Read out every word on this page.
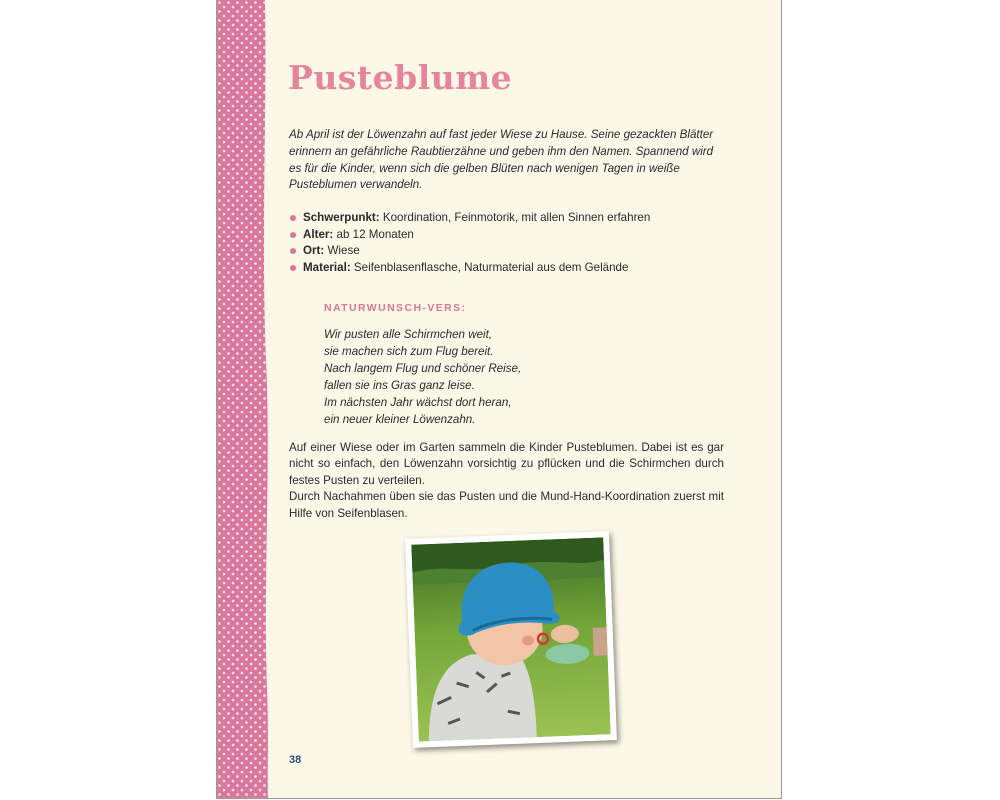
Pusteblume

Ab April ist der Löwenzahn auf fast jeder Wiese zu Hause. Seine gezackten Blätter erinnern an gefährliche Raubtierzähne und geben ihm den Namen. Spannend wird es für die Kinder, wenn sich die gelben Blüten nach wenigen Tagen in weiße Pusteblumen verwandeln.

Schwerpunkt: Koordination, Feinmotorik, mit allen Sinnen erfahren
Alter: ab 12 Monaten
Ort: Wiese
Material: Seifenblasenflasche, Naturmaterial aus dem Gelände
NATURWUNSCH-VERS:
Wir pusten alle Schirmchen weit,
sie machen sich zum Flug bereit.
Nach langem Flug und schöner Reise,
fallen sie ins Gras ganz leise.
Im nächsten Jahr wächst dort heran,
ein neuer kleiner Löwenzahn.

Auf einer Wiese oder im Garten sammeln die Kinder Pusteblumen. Dabei ist es gar nicht so einfach, den Löwenzahn vorsichtig zu pflücken und die Schirmchen durch festes Pusten zu verteilen.

Durch Nachahmen üben sie das Pusten und die Mund-Hand-Koordination zuerst mit Hilfe von Seifenblasen.

38
